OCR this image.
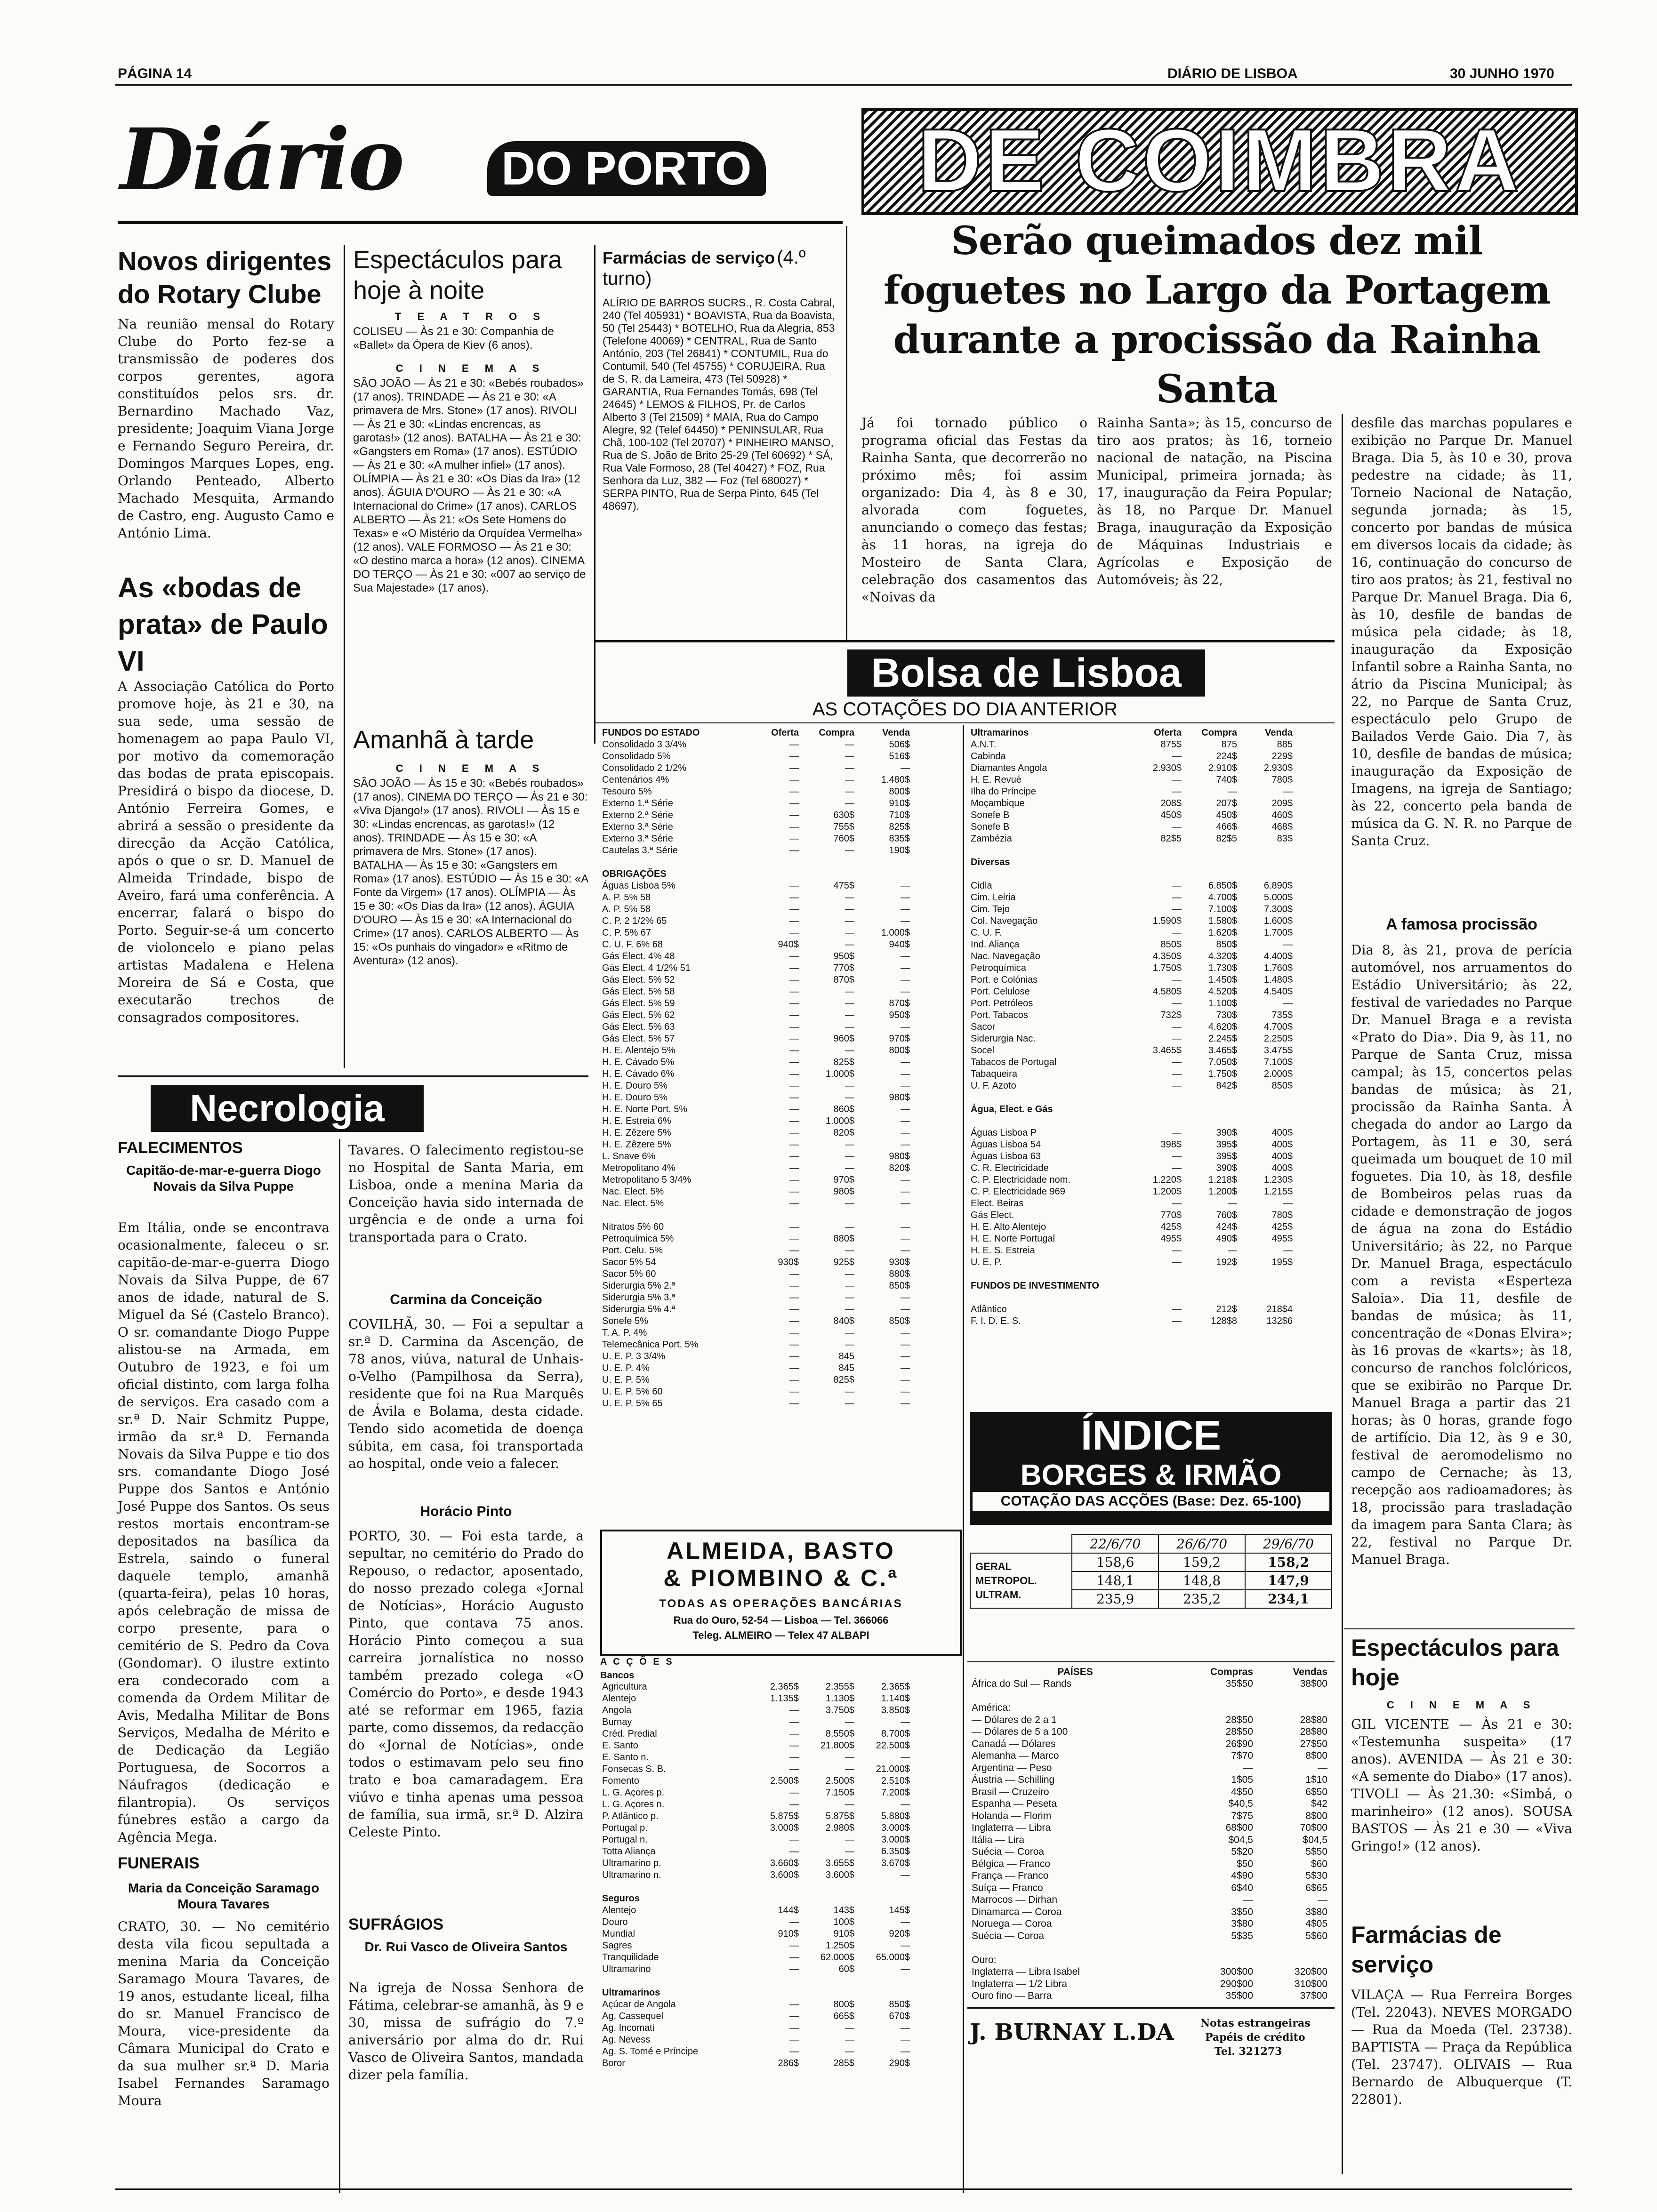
PÁGINA 14	DIÁRIO DE LISBOA	30 JUNHO 1970
Diário	DO PORTO	DE COIMBRA
Novos dirigentes do Rotary Clube
Na reunião mensal do Rotary Clube do Porto fez-se a transmissão de poderes dos corpos gerentes, agora constituídos pelos srs. dr. Bernardino Machado Vaz, presidente; Joaquim Viana Jorge e Fernando Seguro Pereira, dr. Domingos Marques Lopes, eng. Orlando Penteado, Alberto Machado Mesquita, Armando de Castro, eng. Augusto Camo e António Lima.
As «bodas de prata» de Paulo VI
A Associação Católica do Porto promove hoje, às 21 e 30, na sua sede, uma sessão de homenagem ao papa Paulo VI, por motivo da comemoração das bodas de prata episcopais. Presidirá o bispo da diocese, D. António Ferreira Gomes, e abrirá a sessão o presidente da direcção da Acção Católica, após o que o sr. D. Manuel de Almeida Trindade, bispo de Aveiro, fará uma conferência. A encerrar, falará o bispo do Porto. Seguir-se-á um concerto de violoncelo e piano pelas artistas Madalena e Helena Moreira de Sá e Costa, que executarão trechos de consagrados compositores.
Espectáculos para hoje à noite
T E A T R O S
COLISEU — Às 21 e 30: Companhia de «Ballet» da Ópera de Kiev (6 anos).
C I N E M A S
SÃO JOÃO — Às 21 e 30: «Bebés roubados» (17 anos). TRINDADE — Às 21 e 30: «A primavera de Mrs. Stone» (17 anos). RIVOLI — Às 21 e 30: «Lindas encrencas, as garotas!» (12 anos). BATALHA — Às 21 e 30: «Gangsters em Roma» (17 anos). ESTÚDIO — Às 21 e 30: «A mulher infiel» (17 anos). OLÍMPIA — Às 21 e 30: «Os Dias da Ira» (12 anos). ÁGUIA D'OURO — Às 21 e 30: «A Internacional do Crime» (17 anos). CARLOS ALBERTO — Às 21: «Os Sete Homens do Texas» e «O Mistério da Orquídea Vermelha» (12 anos). VALE FORMOSO — Às 21 e 30: «O destino marca a hora» (12 anos). CINEMA DO TERÇO — Às 21 e 30: «007 ao serviço de Sua Majestade» (17 anos).
Amanhã à tarde
C I N E M A S
SÃO JOÃO — Às 15 e 30: «Bebés roubados» (17 anos). CINEMA DO TERÇO — Às 21 e 30: «Viva Django!» (17 anos). RIVOLI — Às 15 e 30: «Lindas encrencas, as garotas!» (12 anos). TRINDADE — Às 15 e 30: «A primavera de Mrs. Stone» (17 anos). BATALHA — Às 15 e 30: «Gangsters em Roma» (17 anos). ESTÚDIO — Às 15 e 30: «A Fonte da Virgem» (17 anos). OLÍMPIA — Às 15 e 30: «Os Dias da Ira» (12 anos). ÁGUIA D'OURO — Às 15 e 30: «A Internacional do Crime» (17 anos). CARLOS ALBERTO — Às 15: «Os punhais do vingador» e «Ritmo de Aventura» (12 anos).
Farmácias de serviço (4.º turno)
ALÍRIO DE BARROS SUCRS., R. Costa Cabral, 240 (Tel 405931) * BOAVISTA, Rua da Boavista, 50 (Tel 25443) * BOTELHO, Rua da Alegria, 853 (Telefone 40069) * CENTRAL, Rua de Santo António, 203 (Tel 26841) * CONTUMIL, Rua do Contumil, 540 (Tel 45755) * CORUJEIRA, Rua de S. R. da Lameira, 473 (Tel 50928) * GARANTIA, Rua Fernandes Tomás, 698 (Tel 24645) * LEMOS & FILHOS, Pr. de Carlos Alberto 3 (Tel 21509) * MAIA, Rua do Campo Alegre, 92 (Telef 64450) * PENINSULAR, Rua Chã, 100-102 (Tel 20707) * PINHEIRO MANSO, Rua de S. João de Brito 25-29 (Tel 60692) * SÁ, Rua Vale Formoso, 28 (Tel 40427) * FOZ, Rua Senhora da Luz, 382 — Foz (Tel 680027) * SERPA PINTO, Rua de Serpa Pinto, 645 (Tel 48697).
Serão queimados dez mil foguetes no Largo da Portagem durante a procissão da Rainha Santa
Já foi tornado público o programa oficial das Festas da Rainha Santa, que decorrerão no próximo mês; foi assim organizado: Dia 4, às 8 e 30, alvorada com foguetes, anunciando o começo das festas; às 11 horas, na igreja do Mosteiro de Santa Clara, celebração dos casamentos das «Noivas da
Rainha Santa»; às 15, concurso de tiro aos pratos; às 16, torneio nacional de natação, na Piscina Municipal, primeira jornada; às 17, inauguração da Feira Popular; às 18, no Parque Dr. Manuel Braga, inauguração da Exposição de Máquinas Industriais e Agrícolas e Exposição de Automóveis; às 22,
desfile das marchas populares e exibição no Parque Dr. Manuel Braga. Dia 5, às 10 e 30, prova pedestre na cidade; às 11, Torneio Nacional de Natação, segunda jornada; às 15, concerto por bandas de música em diversos locais da cidade; às 16, continuação do concurso de tiro aos pratos; às 21, festival no Parque Dr. Manuel Braga. Dia 6, às 10, desfile de bandas de música pela cidade; às 18, inauguração da Exposição Infantil sobre a Rainha Santa, no átrio da Piscina Municipal; às 22, no Parque de Santa Cruz, espectáculo pelo Grupo de Bailados Verde Gaio. Dia 7, às 10, desfile de bandas de música; inauguração da Exposição de Imagens, na igreja de Santiago; às 22, concerto pela banda de música da G. N. R. no Parque de Santa Cruz.
A famosa procissão
Dia 8, às 21, prova de perícia automóvel, nos arruamentos do Estádio Universitário; às 22, festival de variedades no Parque Dr. Manuel Braga e a revista «Prato do Dia». Dia 9, às 11, no Parque de Santa Cruz, missa campal; às 15, concertos pelas bandas de música; às 21, procissão da Rainha Santa. À chegada do andor ao Largo da Portagem, às 11 e 30, será queimada um bouquet de 10 mil foguetes. Dia 10, às 18, desfile de Bombeiros pelas ruas da cidade e demonstração de jogos de água na zona do Estádio Universitário; às 22, no Parque Dr. Manuel Braga, espectáculo com a revista «Esperteza Saloia». Dia 11, desfile de bandas de música; às 11, concentração de «Donas Elvira»; às 16 provas de «karts»; às 18, concurso de ranchos folclóricos, que se exibirão no Parque Dr. Manuel Braga a partir das 21 horas; às 0 horas, grande fogo de artifício. Dia 12, às 9 e 30, festival de aeromodelismo no campo de Cernache; às 13, recepção aos radioamadores; às 18, procissão para trasladação da imagem para Santa Clara; às 22, festival no Parque Dr. Manuel Braga.
Bolsa de Lisboa
AS COTAÇÕES DO DIA ANTERIOR
FUNDOS DO ESTADO	Oferta	Compra	Venda
Consolidado 3 3/4%	—	—	506$
Consolidado 5%	—	—	516$
Consolidado 2 1/2%	—	—	—
Centenários 4%	—	—	1.480$
Tesouro 5%	—	—	800$
Externo 1.ª Série	—	—	910$
Externo 2.ª Série	—	630$	710$
Externo 3.ª Série	—	755$	825$
Externo 3.ª Série	—	760$	835$
Cautelas 3.ª Série	—	—	190$

OBRIGAÇÕES			
Águas Lisboa 5%	—	475$	—
A. P. 5% 58	—	—	—
A. P. 5% 58	—	—	—
C. P. 2 1/2% 65	—	—	—
C. P. 5% 67	—	—	1.000$
C. U. F. 6% 68	940$	—	940$
Gás Elect. 4% 48	—	950$	—
Gás Elect. 4 1/2% 51	—	770$	—
Gás Elect. 5% 52	—	870$	—
Gás Elect. 5% 58	—	—	—
Gás Elect. 5% 59	—	—	870$
Gás Elect. 5% 62	—	—	950$
Gás Elect. 5% 63	—	—	—
Gás Elect. 5% 57	—	960$	970$
H. E. Alentejo 5%	—	—	800$
H. E. Cávado 5%	—	825$	—
H. E. Cávado 6%	—	1.000$	—
H. E. Douro 5%	—	—	—
H. E. Douro 5%	—	—	980$
H. E. Norte Port. 5%	—	860$	—
H. E. Estreia 6%	—	1.000$	—
H. E. Zêzere 5%	—	820$	—
H. E. Zêzere 5%	—	—	—
L. Snave 6%	—	—	980$
Metropolitano 4%	—	—	820$
Metropolitano 5 3/4%	—	970$	—
Nac. Elect. 5%	—	980$	—
Nac. Elect. 5%	—	—	—

Nitratos 5% 60	—	—	—
Petroquímica 5%	—	880$	—
Port. Celu. 5%	—	—	—
Sacor 5% 54	930$	925$	930$
Sacor 5% 60	—	—	880$
Siderurgia 5% 2.ª	—	—	850$
Siderurgia 5% 3.ª	—	—	—
Siderurgia 5% 4.ª	—	—	—
Sonefe 5%	—	840$	850$
T. A. P. 4%	—	—	—
Telemecânica Port. 5%	—	—	—
U. E. P. 3 3/4%	—	845	—
U. E. P. 4%	—	845	—
U. E. P. 5%	—	825$	—
U. E. P. 5% 60	—	—	—
U. E. P. 5% 65	—	—	—
Ultramarinos	Oferta	Compra	Venda
A.N.T.	875$	875	885
Cabinda	—	224$	229$
Diamantes Angola	2.930$	2.910$	2.930$
H. E. Revué	—	740$	780$
Ilha do Príncipe	—	—	—
Moçambique	208$	207$	209$
Sonefe B	450$	450$	460$
Sonefe B	—	466$	468$
Zambézia	82$5	82$5	83$

Diversas			

Cidla	—	6.850$	6.890$
Cim. Leiria	—	4.700$	5.000$
Cim. Tejo	—	7.100$	7.300$
Col. Navegação	1.590$	1.580$	1.600$
C. U. F.	—	1.620$	1.700$
Ind. Aliança	850$	850$	—
Nac. Navegação	4.350$	4.320$	4.400$
Petroquímica	1.750$	1.730$	1.760$
Port. e Colónias	—	1.450$	1.480$
Port. Celulose	4.580$	4.520$	4.540$
Port. Petróleos	—	1.100$	—
Port. Tabacos	732$	730$	735$
Sacor	—	4.620$	4.700$
Siderurgia Nac.	—	2.245$	2.250$
Socel	3.465$	3.465$	3.475$
Tabacos de Portugal	—	7.050$	7.100$
Tabaqueira	—	1.750$	2.000$
U. F. Azoto	—	842$	850$

Água, Elect. e Gás			

Águas Lisboa P	—	390$	400$
Águas Lisboa 54	398$	395$	400$
Águas Lisboa 63	—	395$	400$
C. R. Electricidade	—	390$	400$
C. P. Electricidade nom.	1.220$	1.218$	1.230$
C. P. Electricidade 969	1.200$	1.200$	1.215$
Elect. Beiras	—	—	—
Gás Elect.	770$	760$	780$
H. E. Alto Alentejo	425$	424$	425$
H. E. Norte Portugal	495$	490$	495$
H. E. S. Estreia	—	—	—
U. E. P.	—	192$	195$

FUNDOS DE INVESTIMENTO			

Atlântico	—	212$	218$4
F. I. D. E. S.	—	128$8	132$6
ALMEIDA, BASTO
& PIOMBINO & C.ª
TODAS AS OPERAÇÕES BANCÁRIAS
Rua do Ouro, 52-54 — Lisboa — Tel. 366066
Teleg. ALMEIRO — Telex 47 ALBAPI
A C Ç Õ E S
Bancos
Agricultura	2.365$	2.355$	2.365$
Alentejo	1.135$	1.130$	1.140$
Angola	—	3.750$	3.850$
Burnay	—	—	—
Créd. Predial	—	8.550$	8.700$
E. Santo	—	21.800$	22.500$
E. Santo n.	—	—	—
Fonsecas S. B.	—	—	21.000$
Fomento	2.500$	2.500$	2.510$
L. G. Açores p.	—	7.150$	7.200$
L. G. Açores n.	—	—	—
P. Atlântico p.	5.875$	5.875$	5.880$
Portugal p.	3.000$	2.980$	3.000$
Portugal n.	—	—	3.000$
Totta Aliança	—	—	6.350$
Ultramarino p.	3.660$	3.655$	3.670$
Ultramarino n.	3.600$	3.600$	—

Seguros			
Alentejo	144$	143$	145$
Douro	—	100$	—
Mundial	910$	910$	920$
Sagres	—	1.250$	—
Tranquilidade	—	62.000$	65.000$
Ultramarino	—	60$	—

Ultramarinos			
Açúcar de Angola	—	800$	850$
Ag. Cassequel	—	665$	670$
Ag. Incomati	—	—	—
Ag. Nevess	—	—	—
Ag. S. Tomé e Príncipe	—	—	—
Boror	286$	285$	290$
ÍNDICE
BORGES & IRMÃO
COTAÇÃO DAS ACÇÕES (Base: Dez. 65-100)
	22/6/70	26/6/70	29/6/70

GERAL
METROPOL.
ULTRAM.	158,6	159,2	158,2
	148,1	148,8	147,9
	235,9	235,2	234,1
PAÍSES	Compras	Vendas
África do Sul — Rands	35$50	38$00

América:		
— Dólares de 2 a 1	28$50	28$80
— Dólares de 5 a 100	28$50	28$80
Canadá — Dólares	26$90	27$50
Alemanha — Marco	7$70	8$00
Argentina — Peso	—	—
Áustria — Schilling	1$05	1$10
Brasil — Cruzeiro	4$50	6$50
Espanha — Peseta	$40,5	$42
Holanda — Florim	7$75	8$00
Inglaterra — Libra	68$00	70$00
Itália — Lira	$04,5	$04,5
Suécia — Coroa	5$20	5$50
Bélgica — Franco	$50	$60
França — Franco	4$90	5$30
Suíça — Franco	6$40	6$65
Marrocos — Dirhan	—	—
Dinamarca — Coroa	3$50	3$80
Noruega — Coroa	3$80	4$05
Suécia — Coroa	5$35	5$60

Ouro:		
Inglaterra — Libra Isabel	300$00	320$00
Inglaterra — 1/2 Libra	290$00	310$00
Ouro fino — Barra	35$00	37$00
J. BURNAY L.DA	Notas estrangeiras
Papéis de crédito
Tel. 321273
Necrologia
FALECIMENTOS
Capitão-de-mar-e-guerra Diogo Novais da Silva Puppe
Em Itália, onde se encontrava ocasionalmente, faleceu o sr. capitão-de-mar-e-guerra Diogo Novais da Silva Puppe, de 67 anos de idade, natural de S. Miguel da Sé (Castelo Branco). O sr. comandante Diogo Puppe alistou-se na Armada, em Outubro de 1923, e foi um oficial distinto, com larga folha de serviços. Era casado com a sr.ª D. Nair Schmitz Puppe, irmão da sr.ª D. Fernanda Novais da Silva Puppe e tio dos srs. comandante Diogo José Puppe dos Santos e António José Puppe dos Santos. Os seus restos mortais encontram-se depositados na basílica da Estrela, saindo o funeral daquele templo, amanhã (quarta-feira), pelas 10 horas, após celebração de missa de corpo presente, para o cemitério de S. Pedro da Cova (Gondomar). O ilustre extinto era condecorado com a comenda da Ordem Militar de Avis, Medalha Militar de Bons Serviços, Medalha de Mérito e de Dedicação da Legião Portuguesa, de Socorros a Náufragos (dedicação e filantropia). Os serviços fúnebres estão a cargo da Agência Mega.
FUNERAIS
Maria da Conceição Saramago Moura Tavares
CRATO, 30. — No cemitério desta vila ficou sepultada a menina Maria da Conceição Saramago Moura Tavares, de 19 anos, estudante liceal, filha do sr. Manuel Francisco de Moura, vice-presidente da Câmara Municipal do Crato e da sua mulher sr.ª D. Maria Isabel Fernandes Saramago Moura
Tavares. O falecimento registou-se no Hospital de Santa Maria, em Lisboa, onde a menina Maria da Conceição havia sido internada de urgência e de onde a urna foi transportada para o Crato.
Carmina da Conceição
COVILHÃ, 30. — Foi a sepultar a sr.ª D. Carmina da Ascenção, de 78 anos, viúva, natural de Unhais-o-Velho (Pampilhosa da Serra), residente que foi na Rua Marquês de Ávila e Bolama, desta cidade. Tendo sido acometida de doença súbita, em casa, foi transportada ao hospital, onde veio a falecer.
Horácio Pinto
PORTO, 30. — Foi esta tarde, a sepultar, no cemitério do Prado do Repouso, o redactor, aposentado, do nosso prezado colega «Jornal de Notícias», Horácio Augusto Pinto, que contava 75 anos. Horácio Pinto começou a sua carreira jornalística no nosso também prezado colega «O Comércio do Porto», e desde 1943 até se reformar em 1965, fazia parte, como dissemos, da redacção do «Jornal de Notícias», onde todos o estimavam pelo seu fino trato e boa camaradagem. Era viúvo e tinha apenas uma pessoa de família, sua irmã, sr.ª D. Alzira Celeste Pinto.
SUFRÁGIOS
Dr. Rui Vasco de Oliveira Santos
Na igreja de Nossa Senhora de Fátima, celebrar-se amanhã, às 9 e 30, missa de sufrágio do 7.º aniversário por alma do dr. Rui Vasco de Oliveira Santos, mandada dizer pela família.
Espectáculos para hoje
C I N E M A S
GIL VICENTE — Às 21 e 30: «Testemunha suspeita» (17 anos). AVENIDA — Às 21 e 30: «A semente do Diabo» (17 anos). TIVOLI — Às 21.30: «Simbá, o marinheiro» (12 anos). SOUSA BASTOS — Às 21 e 30 — «Viva Gringo!» (12 anos).
Farmácias de serviço
VILAÇA — Rua Ferreira Borges (Tel. 22043). NEVES MORGADO — Rua da Moeda (Tel. 23738). BAPTISTA — Praça da República (Tel. 23747). OLIVAIS — Rua Bernardo de Albuquerque (T. 22801).
